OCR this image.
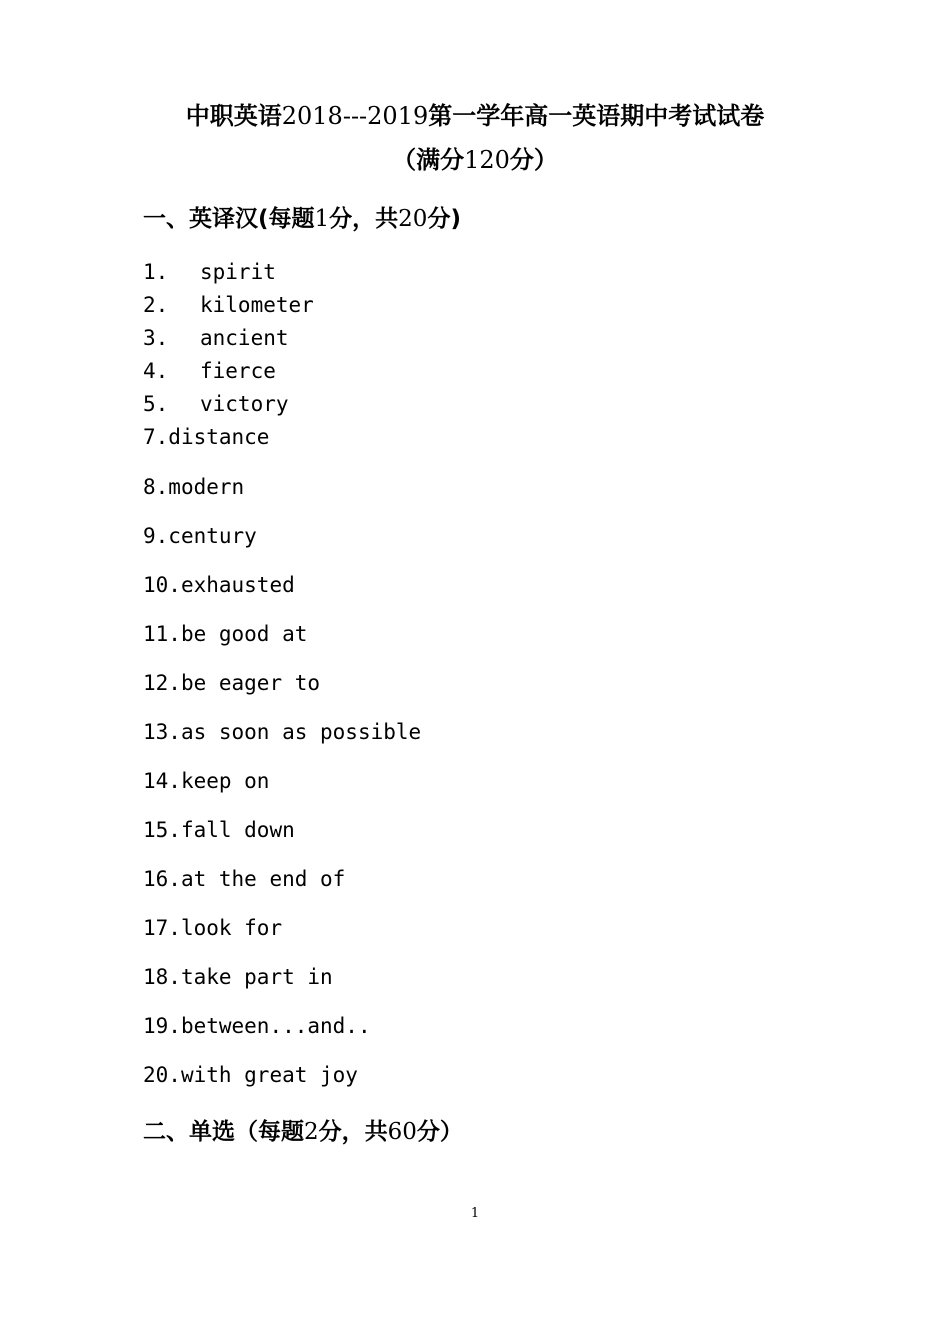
中职英语2018---2019第一学年高一英语期中考试试卷
（满分120分）
一、英译汉(每题1分，共20分)
1. spirit
2. kilometer
3. ancient
4. fierce
5. victory
7.distance
8.modern
9.century
10.exhausted
11.be good at
12.be eager to
13.as soon as possible
14.keep on
15.fall down
16.at the end of
17.look for
18.take part in
19.between...and..
20.with great joy
二、单选（每题2分，共60分）
1
